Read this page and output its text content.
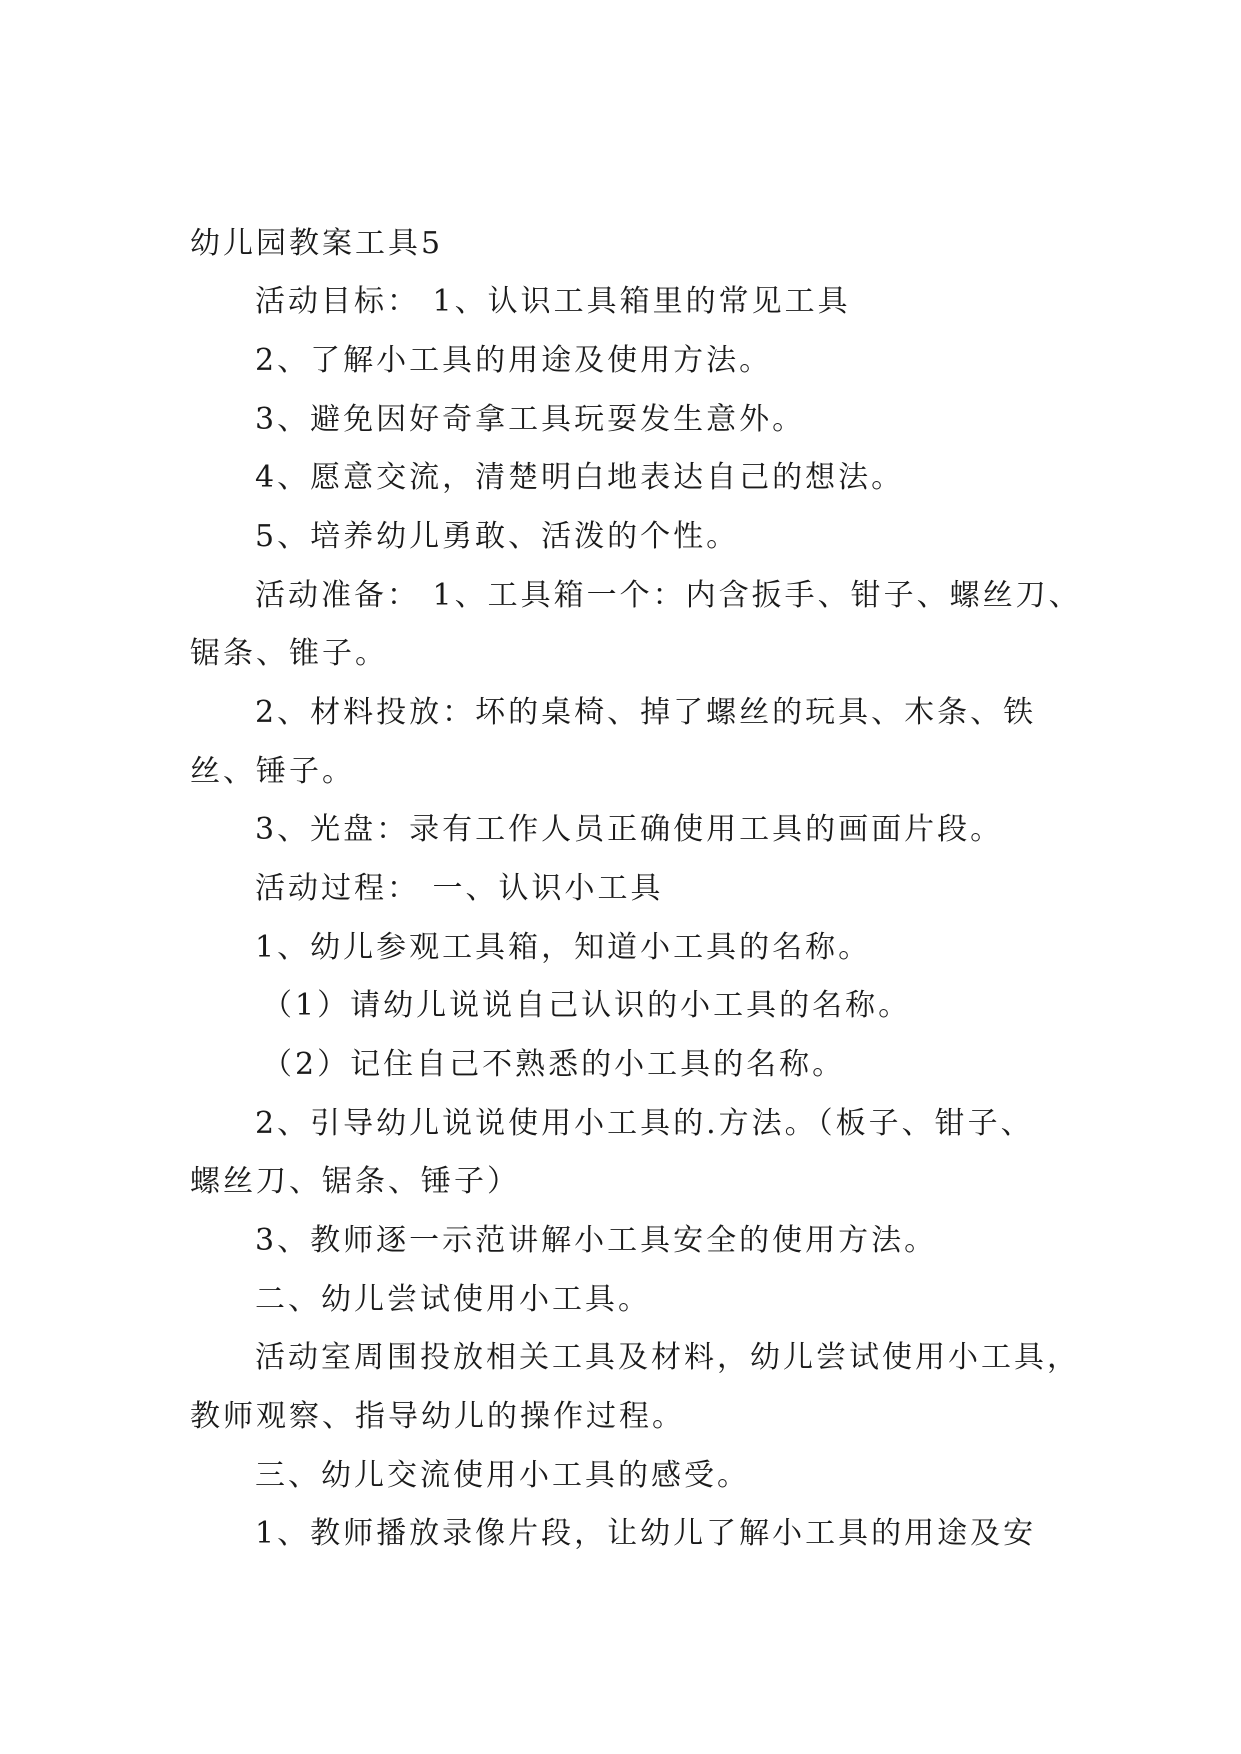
幼儿园教案工具5
活动目标： 1、认识工具箱里的常见工具
2、了解小工具的用途及使用方法。
3、避免因好奇拿工具玩耍发生意外。
4、愿意交流，清楚明白地表达自己的想法。
5、培养幼儿勇敢、活泼的个性。
活动准备： 1、工具箱一个：内含扳手、钳子、螺丝刀、
锯条、锥子。
2、材料投放：坏的桌椅、掉了螺丝的玩具、木条、铁
丝、锤子。
3、光盘：录有工作人员正确使用工具的画面片段。
活动过程： 一、认识小工具
1、幼儿参观工具箱，知道小工具的名称。
（1）请幼儿说说自己认识的小工具的名称。
（2）记住自己不熟悉的小工具的名称。
2、引导幼儿说说使用小工具的.方法。（板子、钳子、
螺丝刀、锯条、锤子）
3、教师逐一示范讲解小工具安全的使用方法。
二、幼儿尝试使用小工具。
活动室周围投放相关工具及材料，幼儿尝试使用小工具，
教师观察、指导幼儿的操作过程。
三、幼儿交流使用小工具的感受。
1、教师播放录像片段，让幼儿了解小工具的用途及安
